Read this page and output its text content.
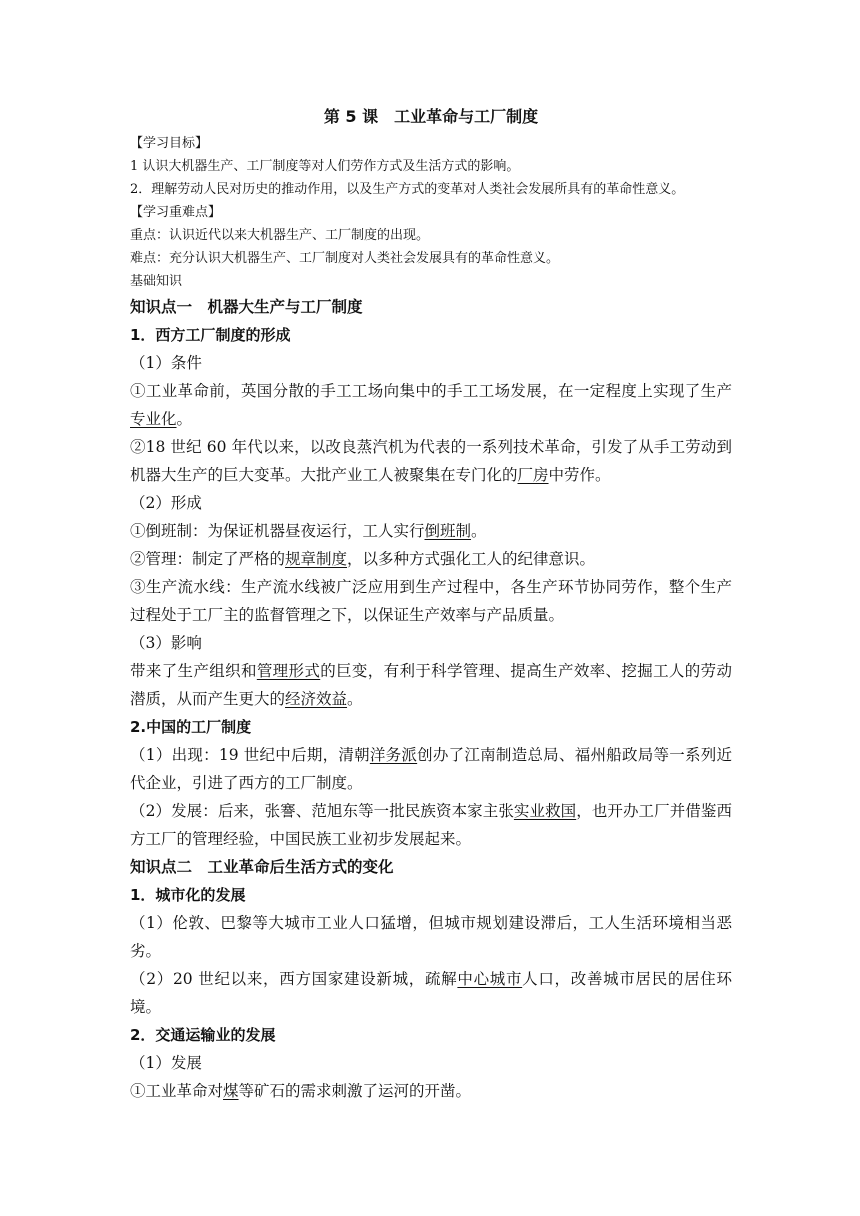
第 5 课　工业革命与工厂制度
【学习目标】
1 认识大机器生产、工厂制度等对人们劳作方式及生活方式的影响。
2．理解劳动人民对历史的推动作用，以及生产方式的变革对人类社会发展所具有的革命性意义。
【学习重难点】
重点：认识近代以来大机器生产、工厂制度的出现。
难点：充分认识大机器生产、工厂制度对人类社会发展具有的革命性意义。
基础知识
知识点一　机器大生产与工厂制度
1．西方工厂制度的形成
（1）条件
①工业革命前，英国分散的手工工场向集中的手工工场发展，在一定程度上实现了生产专业化。
②18 世纪 60 年代以来，以改良蒸汽机为代表的一系列技术革命，引发了从手工劳动到机器大生产的巨大变革。大批产业工人被聚集在专门化的厂房中劳作。
（2）形成
①倒班制：为保证机器昼夜运行，工人实行倒班制。
②管理：制定了严格的规章制度，以多种方式强化工人的纪律意识。
③生产流水线：生产流水线被广泛应用到生产过程中，各生产环节协同劳作，整个生产过程处于工厂主的监督管理之下，以保证生产效率与产品质量。
（3）影响
带来了生产组织和管理形式的巨变，有利于科学管理、提高生产效率、挖掘工人的劳动潜质，从而产生更大的经济效益。
2.中国的工厂制度
（1）出现：19 世纪中后期，清朝洋务派创办了江南制造总局、福州船政局等一系列近代企业，引进了西方的工厂制度。
（2）发展：后来，张謇、范旭东等一批民族资本家主张实业救国，也开办工厂并借鉴西方工厂的管理经验，中国民族工业初步发展起来。
知识点二　工业革命后生活方式的变化
1．城市化的发展
（1）伦敦、巴黎等大城市工业人口猛增，但城市规划建设滞后，工人生活环境相当恶劣。
（2）20 世纪以来，西方国家建设新城，疏解中心城市人口，改善城市居民的居住环境。
2．交通运输业的发展
（1）发展
①工业革命对煤等矿石的需求刺激了运河的开凿。
